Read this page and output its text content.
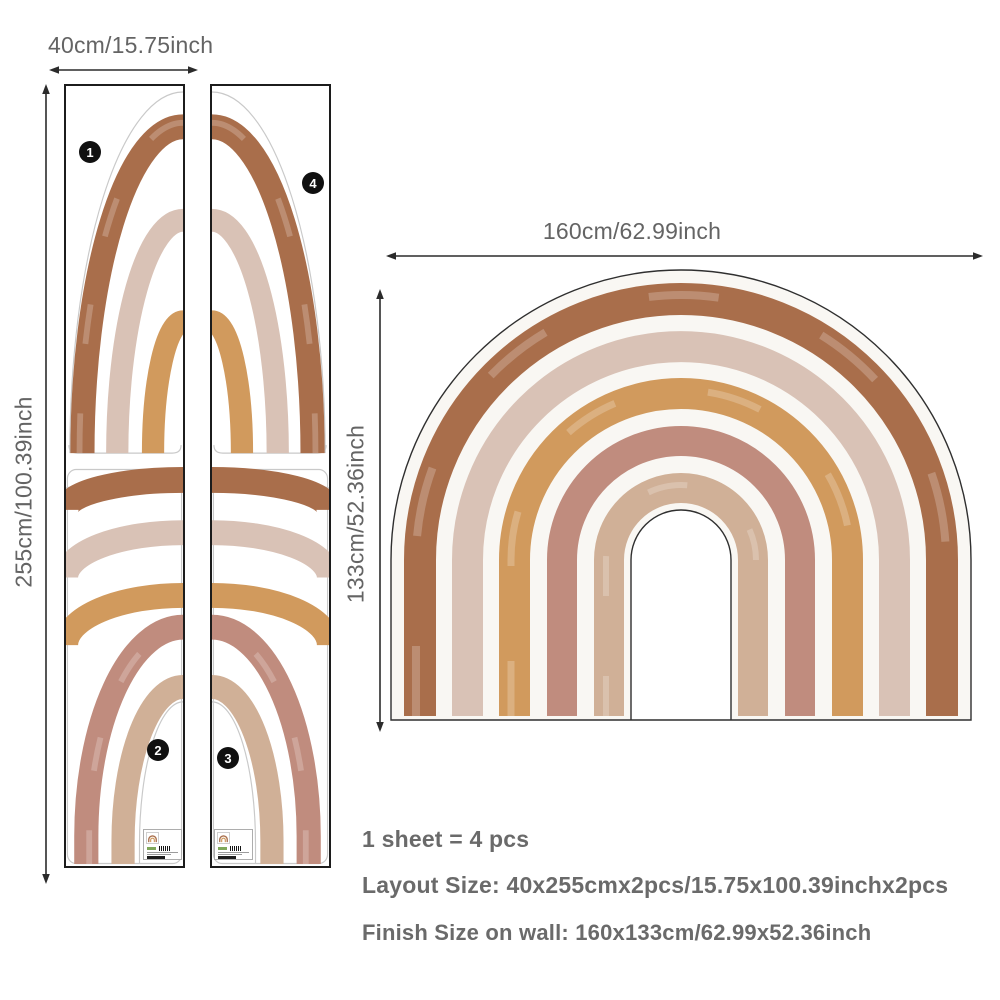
40cm/15.75inch
255cm/100.39inch
160cm/62.99inch
133cm/52.36inch
1
2
3
4
1 sheet = 4 pcs
Layout Size: 40x255cmx2pcs/15.75x100.39inchx2pcs
Finish Size on wall: 160x133cm/62.99x52.36inch
